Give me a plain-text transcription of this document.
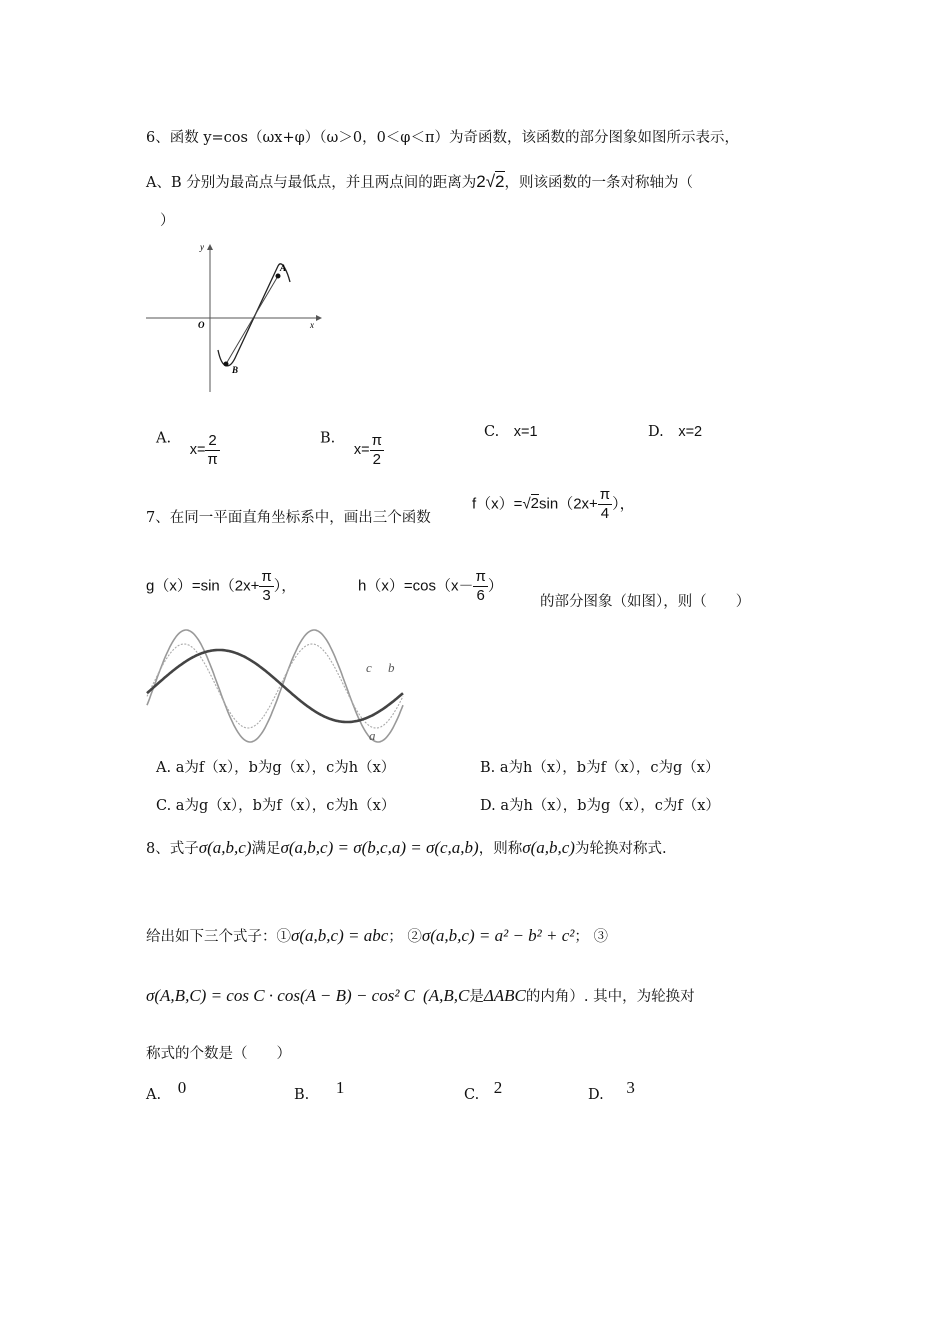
6、函数 y=cos（ωx+φ）（ω＞0，0＜φ＜π）为奇函数，该函数的部分图象如图所示表示，
A、B 分别为最高点与最低点，并且两点间的距离为2√2，则该函数的一条对称轴为（
）
y
O	x
A
B
A. $x= \frac{2}{\pi}$	B. $x= \frac{\pi}{2}$	C. x=1	D. x=2
7、在同一平面直角坐标系中，画出三个函数
$f(x)=√2\sin(2x+ \frac{\pi}{4}$ ），
$g(x)=\sin(2x+ \frac{\pi}{3}$ ），	$h(x)=\cos(x- \frac{\pi}{6}$ ）
的部分图象（如图），则（　　）
a
b
c
A. a为f（x），b为g（x），c为h（x）	B. a为h（x），b为f（x），c为g（x）
C. a为g（x），b为f（x），c为h（x）	D. a为h（x），b为g（x），c为f（x）
8、式子σ(a,b,c)满足σ(a,b,c) = σ(b,c,a) = σ(c,a,b)，则称σ(a,b,c)为轮换对称式.
给出如下三个式子：①σ(a,b,c) = abc； ②σ(a,b,c) = a² − b² + c²； ③
σ(A,B,C) = cos C · cos(A − B) − cos² C (A,B,C是ΔABC的内角）. 其中，为轮换对
称式的个数是（　　）
A. 0	B. 1	C. 2	D. 3
